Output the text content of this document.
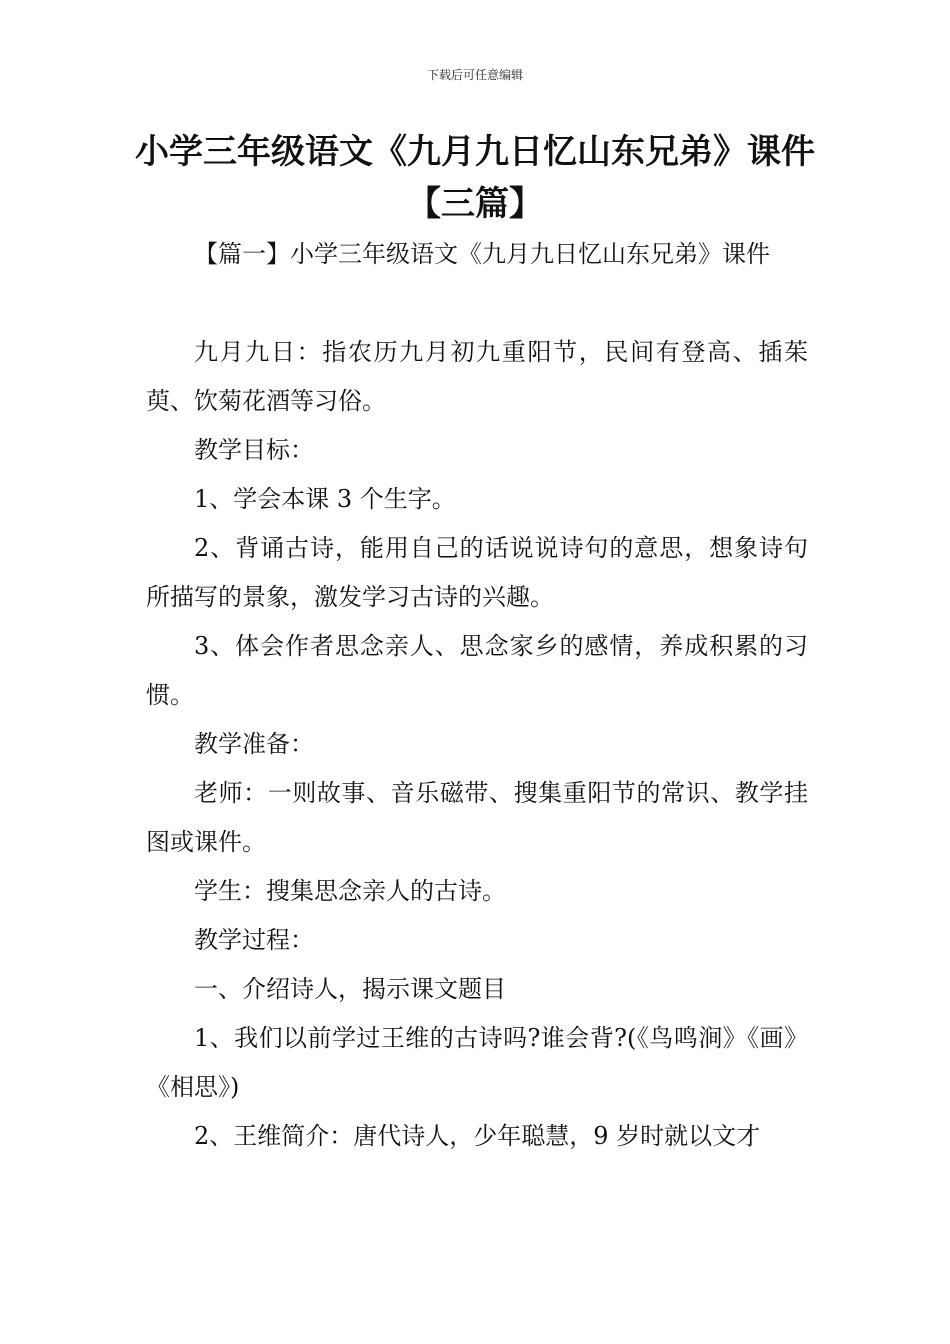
下载后可任意编辑
小学三年级语文《九月九日忆山东兄弟》课件【三篇】

【篇一】小学三年级语文《九月九日忆山东兄弟》课件

九月九日：指农历九月初九重阳节，民间有登高、插茱萸、饮菊花酒等习俗。

教学目标：

1、学会本课 3 个生字。

2、背诵古诗，能用自己的话说说诗句的意思，想象诗句所描写的景象，激发学习古诗的兴趣。

3、体会作者思念亲人、思念家乡的感情，养成积累的习惯。

教学准备：

老师：一则故事、音乐磁带、搜集重阳节的常识、教学挂图或课件。

学生：搜集思念亲人的古诗。

教学过程：

一、介绍诗人，揭示课文题目

1、我们以前学过王维的古诗吗?谁会背?(《鸟鸣涧》《画》《相思》)

2、王维简介：唐代诗人，少年聪慧，9 岁时就以文才
